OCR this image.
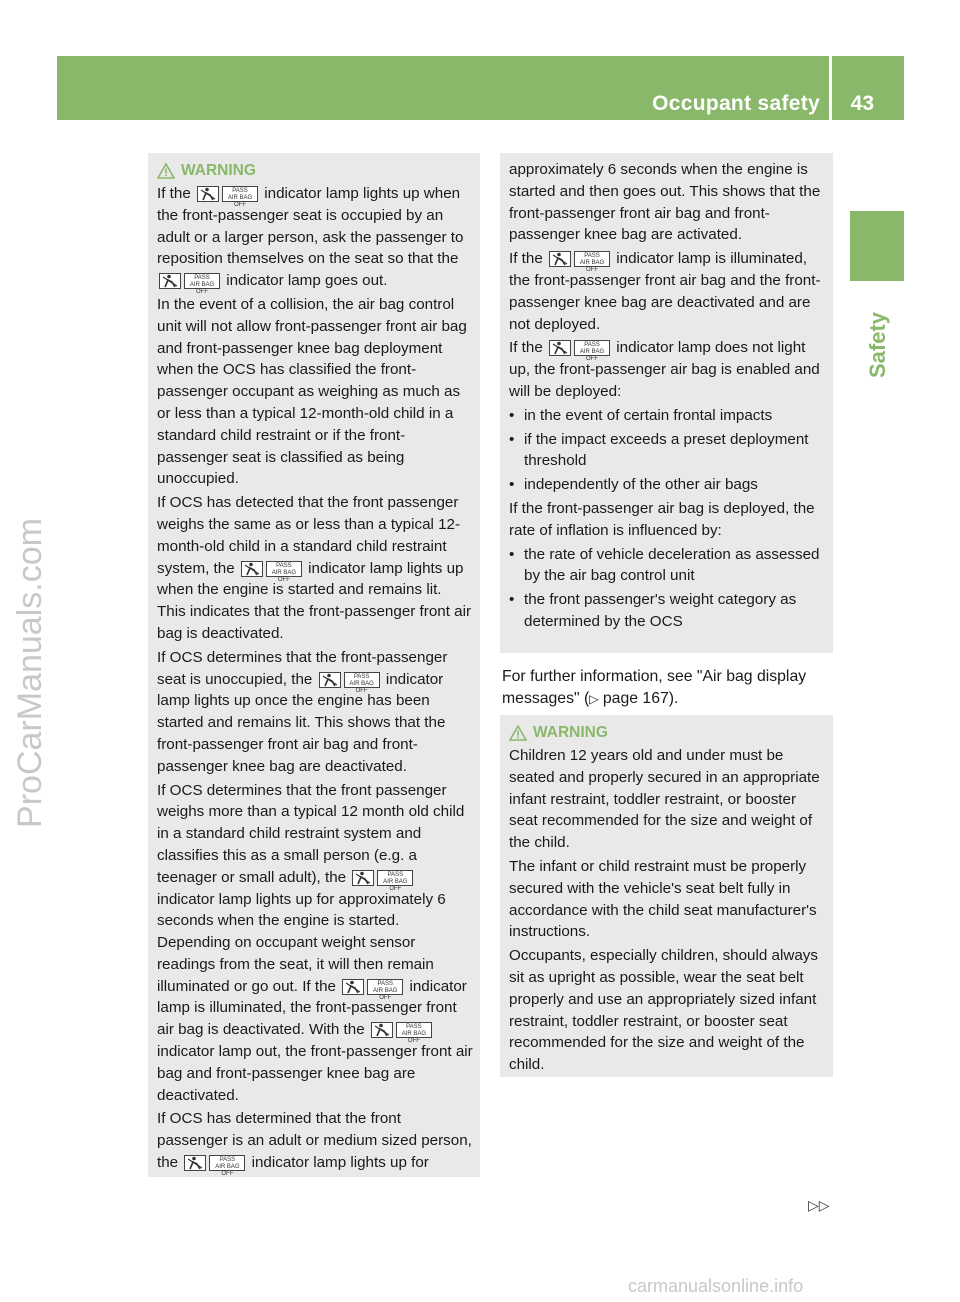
Occupant safety 43
Safety
ProCarManuals.com
carmanualsonline.info
WARNING

If the	PASS
AIR BAG OFF
indicator lamp lights up when the front-passenger seat is occupied by an adult or a larger person, ask the passenger to reposition themselves on the seat so that the
PASS
AIR BAG OFF
indicator lamp goes out.

In the event of a collision, the air bag control unit will not allow front-passenger front air bag and front-passenger knee bag deployment when the OCS has classified the front-passenger occupant as weighing as much as or less than a typical 12-month-old child in a standard child restraint or if the front-passenger seat is classified as being unoccupied.

If OCS has detected that the front passenger weighs the same as or less than a typical 12-month-old child in a standard child restraint system, the	PASS
AIR BAG OFF
indicator lamp lights up when the engine is started and remains lit. This indicates that the front-passenger front air bag is deactivated.

If OCS determines that the front-passenger seat is unoccupied, the	PASS
AIR BAG OFF
indicator lamp lights up once the engine has been started and remains lit. This shows that the front-passenger front air bag and front-passenger knee bag are deactivated.

If OCS determines that the front passenger weighs more than a typical 12 month old child in a standard child restraint system and classifies this as a small person (e.g. a teenager or small adult), the	PASS
AIR BAG OFF
indicator lamp lights up for approximately 6 seconds when the engine is started. Depending on occupant weight sensor readings from the seat, it will then remain illuminated or go out. If the	PASS
AIR BAG OFF
indicator lamp is illuminated, the front-passenger front air bag is deactivated. With the	PASS
AIR BAG OFF
indicator lamp out, the front-passenger front air bag and front-passenger knee bag are deactivated.

If OCS has determined that the front passenger is an adult or medium sized person, the	PASS
AIR BAG OFF
indicator lamp lights up for

approximately 6 seconds when the engine is started and then goes out. This shows that the front-passenger front air bag and front-passenger knee bag are activated.

If the	PASS
AIR BAG OFF
indicator lamp is illuminated, the front-passenger front air bag and the front-passenger knee bag are deactivated and are not deployed.

If the	PASS
AIR BAG OFF
indicator lamp does not light up, the front-passenger air bag is enabled and will be deployed:

• in the event of certain frontal impacts
• if the impact exceeds a preset deployment threshold
• independently of the other air bags

If the front-passenger air bag is deployed, the rate of inflation is influenced by:

• the rate of vehicle deceleration as assessed by the air bag control unit
• the front passenger's weight category as determined by the OCS
For further information, see "Air bag display messages" (▷ page 167).
WARNING

Children 12 years old and under must be seated and properly secured in an appropriate infant restraint, toddler restraint, or booster seat recommended for the size and weight of the child.

The infant or child restraint must be properly secured with the vehicle's seat belt fully in accordance with the child seat manufacturer's instructions.

Occupants, especially children, should always sit as upright as possible, wear the seat belt properly and use an appropriately sized infant restraint, toddler restraint, or booster seat recommended for the size and weight of the child.

▷▷
